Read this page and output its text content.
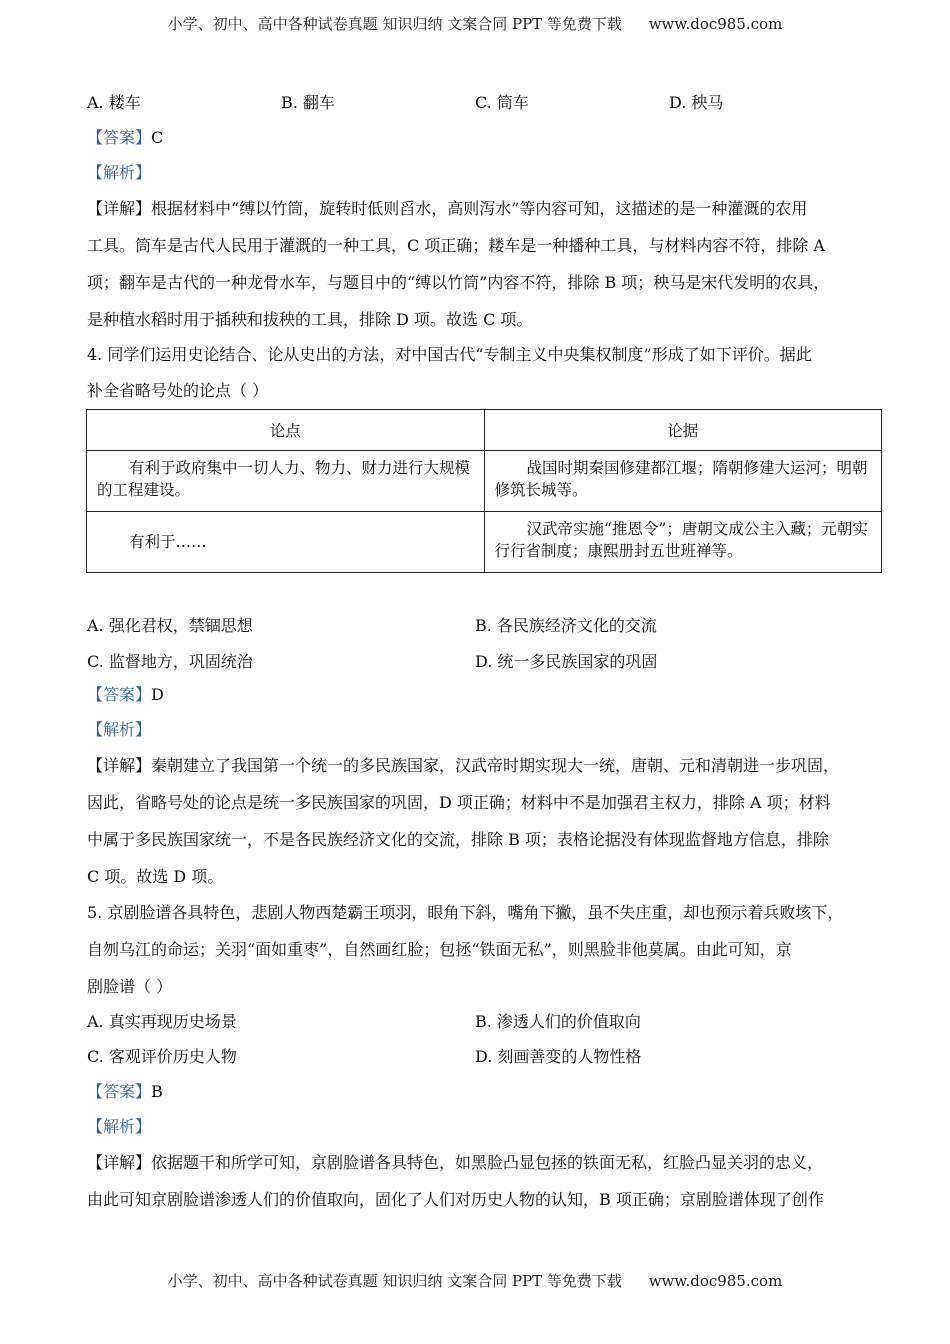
小学、初中、高中各种试卷真题 知识归纳 文案合同 PPT 等免费下载 www.doc985.com
A. 耧车	B. 翻车	C. 筒车	D. 秧马
【答案】C
【解析】
【详解】根据材料中“缚以竹筒，旋转时低则舀水，高则泻水”等内容可知，这描述的是一种灌溉的农用
工具。筒车是古代人民用于灌溉的一种工具，C 项正确；耧车是一种播种工具，与材料内容不符，排除 A
项；翻车是古代的一种龙骨水车，与题目中的“缚以竹筒”内容不符，排除 B 项；秧马是宋代发明的农具，
是种植水稻时用于插秧和拔秧的工具，排除 D 项。故选 C 项。
4. 同学们运用史论结合、论从史出的方法，对中国古代“专制主义中央集权制度”形成了如下评价。据此
补全省略号处的论点（ ）
论点	论据

有利于政府集中一切人力、物力、财力进行大规模的工程建设。	战国时期秦国修建都江堰；隋朝修建大运河；明朝修筑长城等。

有利于……	汉武帝实施“推恩令”；唐朝文成公主入藏；元朝实行行省制度；康熙册封五世班禅等。

A. 强化君权，禁锢思想	B. 各民族经济文化的交流
C. 监督地方，巩固统治	D. 统一多民族国家的巩固
【答案】D
【解析】
【详解】秦朝建立了我国第一个统一的多民族国家，汉武帝时期实现大一统，唐朝、元和清朝进一步巩固，
因此，省略号处的论点是统一多民族国家的巩固，D 项正确；材料中不是加强君主权力，排除 A 项；材料
中属于多民族国家统一，不是各民族经济文化的交流，排除 B 项；表格论据没有体现监督地方信息，排除
C 项。故选 D 项。
5. 京剧脸谱各具特色，悲剧人物西楚霸王项羽，眼角下斜，嘴角下撇，虽不失庄重，却也预示着兵败垓下，
自刎乌江的命运；关羽“面如重枣”，自然画红脸；包拯“铁面无私”，则黑脸非他莫属。由此可知，京
剧脸谱（ ）
A. 真实再现历史场景	B. 渗透人们的价值取向
C. 客观评价历史人物	D. 刻画善变的人物性格
【答案】B
【解析】
【详解】依据题干和所学可知，京剧脸谱各具特色，如黑脸凸显包拯的铁面无私，红脸凸显关羽的忠义，
由此可知京剧脸谱渗透人们的价值取向，固化了人们对历史人物的认知，B 项正确；京剧脸谱体现了创作
小学、初中、高中各种试卷真题 知识归纳 文案合同 PPT 等免费下载 www.doc985.com
